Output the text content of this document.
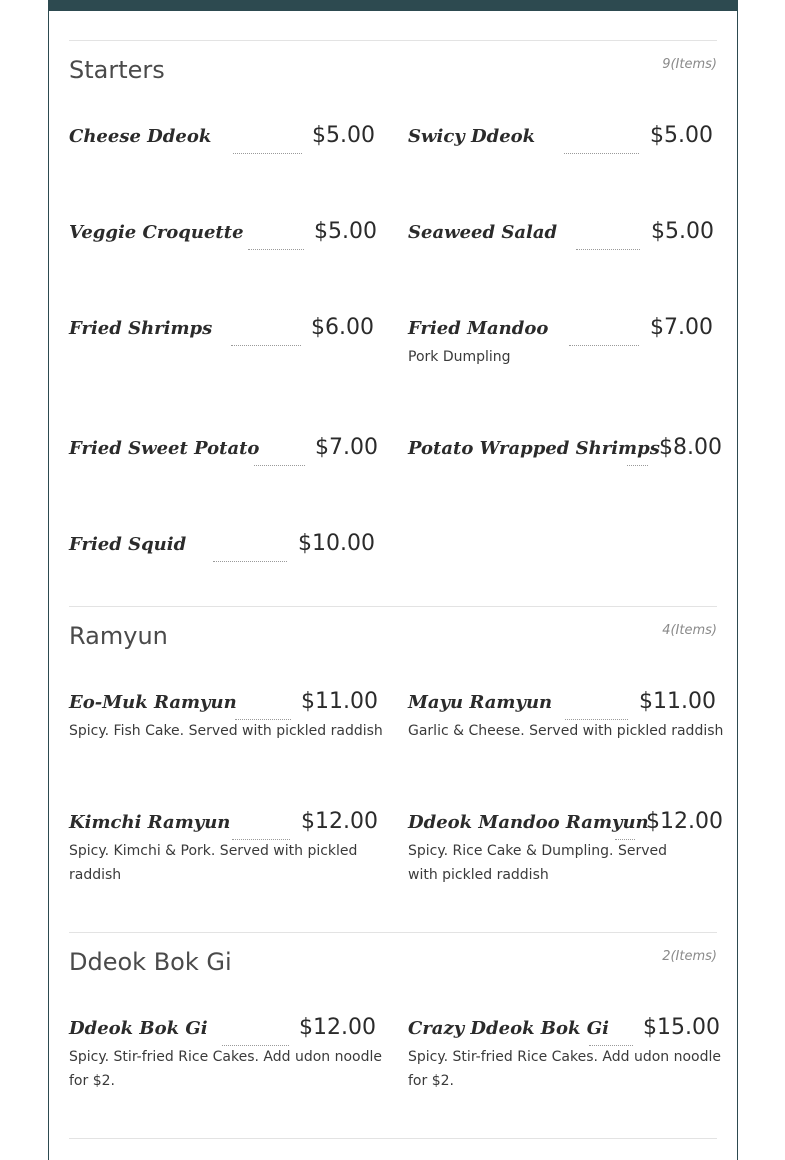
Starters	9(Items)
Cheese Ddeok	$5.00 Swicy Ddeok	$5.00
Veggie Croquette	$5.00 Seaweed Salad	$5.00
Fried Shrimps	$6.00 Fried Mandoo	$7.00
Pork Dumpling
Fried Sweet Potato	$7.00 Potato Wrapped Shrimps $8.00
Fried Squid	$10.00
Ramyun	4(Items)
Eo-Muk Ramyun	$11.00
Spicy. Fish Cake. Served with pickled raddish
Mayu Ramyun	$11.00
Garlic & Cheese. Served with pickled raddish
Kimchi Ramyun	$12.00
Spicy. Kimchi & Pork. Served with pickled raddish
Ddeok Mandoo Ramyun
$12.00
Spicy. Rice Cake & Dumpling. Served with pickled raddish
Ddeok Bok Gi	2(Items)
Ddeok Bok Gi	$12.00
Spicy. Stir-fried Rice Cakes. Add udon noodle for $2.
Crazy Ddeok Bok Gi $15.00
Spicy. Stir-fried Rice Cakes. Add udon noodle for $2.
